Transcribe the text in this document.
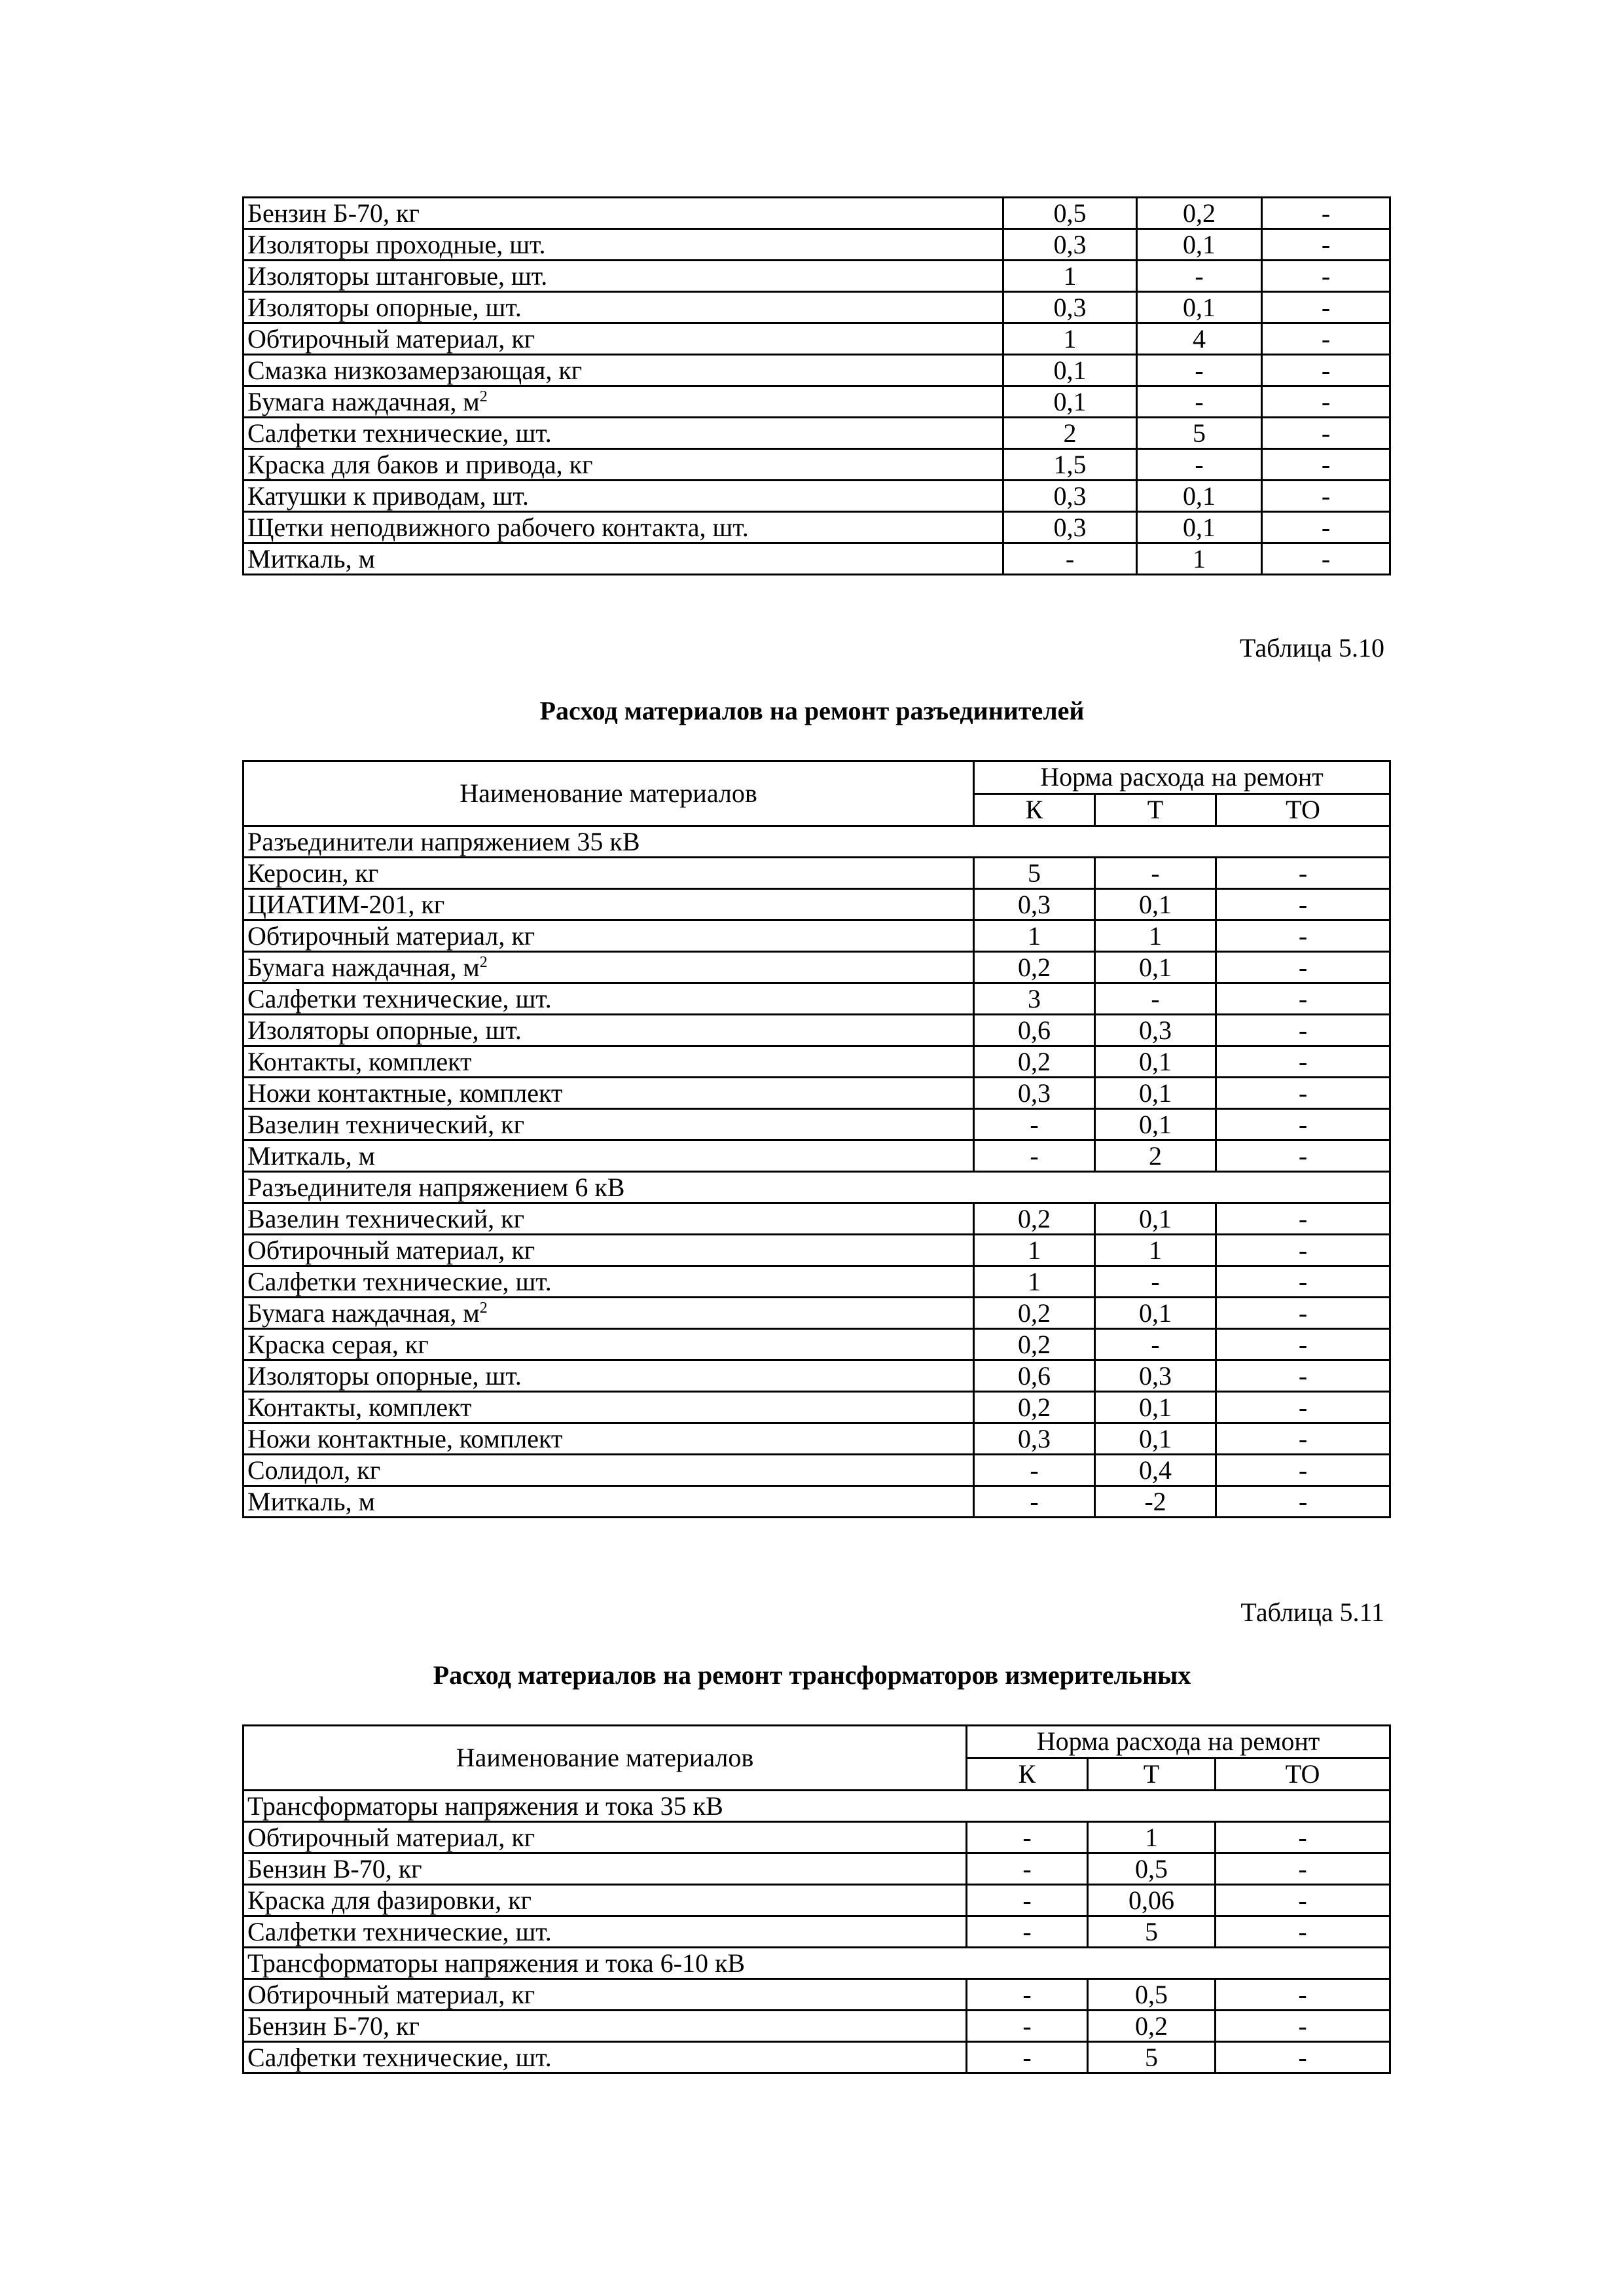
Бензин Б-70, кг	0,5	0,2	-
Изоляторы проходные, шт.	0,3	0,1	-
Изоляторы штанговые, шт.	1	-	-
Изоляторы опорные, шт.	0,3	0,1	-
Обтирочный материал, кг	1	4	-
Смазка низкозамерзающая, кг	0,1	-	-
Бумага наждачная, $м^2$	0,1	-	-
Салфетки технические, шт.	2	5	-
Краска для баков и привода, кг	1,5	-	-
Катушки к приводам, шт.	0,3	0,1	-
Щетки неподвижного рабочего контакта, шт.	0,3	0,1	-
Миткаль, м	-	1	-
Таблица 5.10
Расход материалов на ремонт разъединителей
Наименование материалов	Норма расхода на ремонт		
	К	Т	ТО
Разъединители напряжением 35 кВ			
Керосин, кг	5	-	-
ЦИАТИМ-201, кг	0,3	0,1	-
Обтирочный материал, кг	1	1	-
Бумага наждачная, $м^2$	0,2	0,1	-
Салфетки технические, шт.	3	-	-
Изоляторы опорные, шт.	0,6	0,3	-
Контакты, комплект	0,2	0,1	-
Ножи контактные, комплект	0,3	0,1	-
Вазелин технический, кг	-	0,1	-
Миткаль, м	-	2	-
Разъединителя напряжением 6 кВ			
Вазелин технический, кг	0,2	0,1	-
Обтирочный материал, кг	1	1	-
Салфетки технические, шт.	1	-	-
Бумага наждачная, $м^2$	0,2	0,1	-
Краска серая, кг	0,2	-	-
Изоляторы опорные, шт.	0,6	0,3	-
Контакты, комплект	0,2	0,1	-
Ножи контактные, комплект	0,3	0,1	-
Солидол, кг	-	0,4	-
Миткаль, м	-	-2	-
Таблица 5.11
Расход материалов на ремонт трансформаторов измерительных
Наименование материалов	Норма расхода на ремонт		
	К	Т	ТО
Трансформаторы напряжения и тока 35 кВ			
Обтирочный материал, кг	-	1	-
Бензин В-70, кг	-	0,5	-
Краска для фазировки, кг	-	0,06	-
Салфетки технические, шт.	-	5	-
Трансформаторы напряжения и тока 6-10 кВ			
Обтирочный материал, кг	-	0,5	-
Бензин Б-70, кг	-	0,2	-
Салфетки технические, шт.	-	5	-
